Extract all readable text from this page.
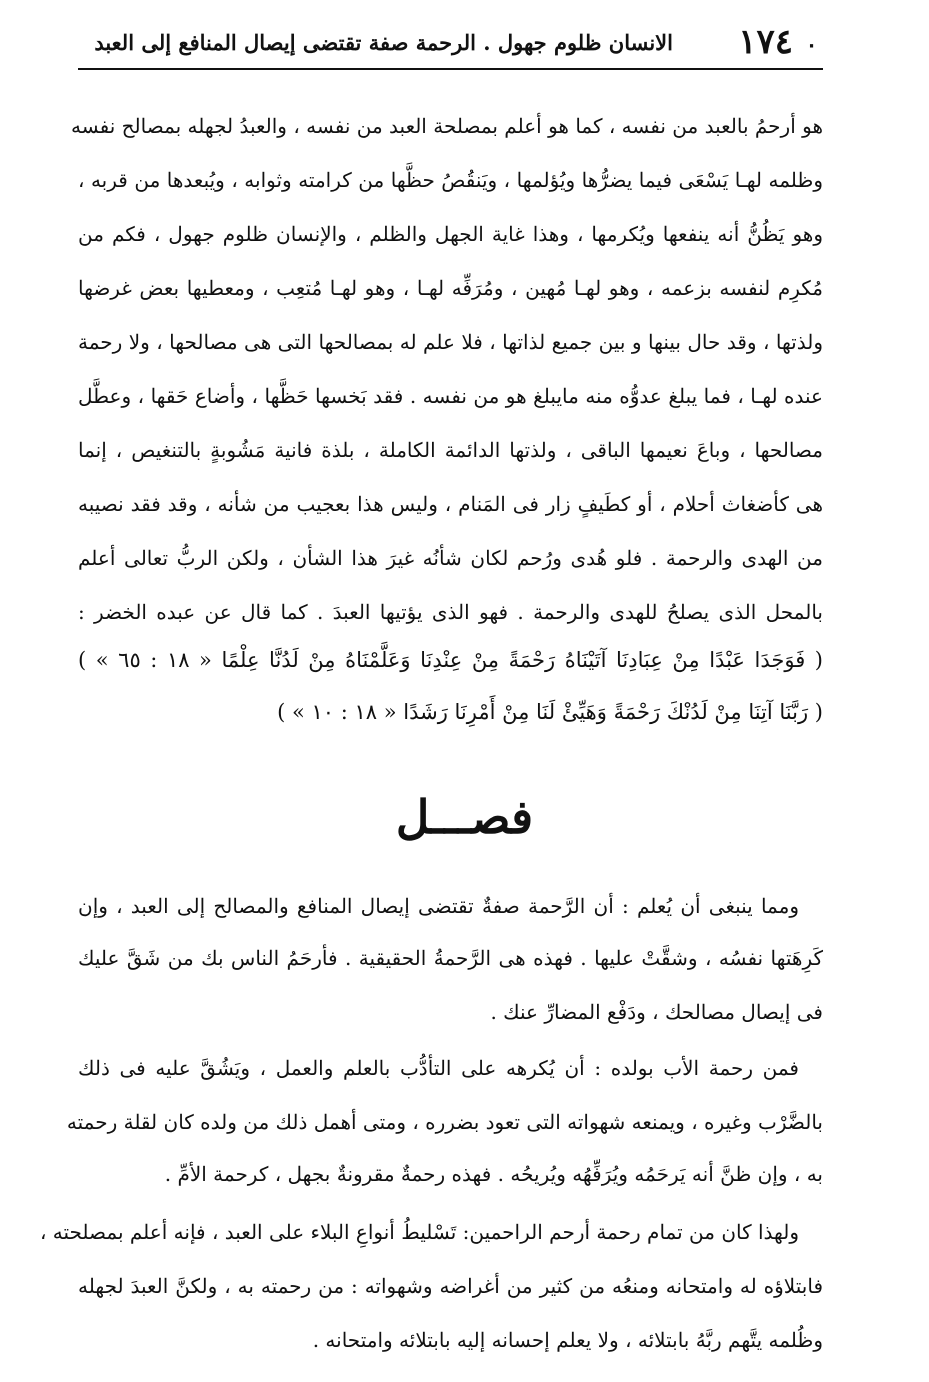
·
١٧٤
الانسان ظلوم جهول . الرحمة صفة تقتضى إيصال المنافع إلى العبد
هو أرحمُ بالعبد من نفسه ، كما هو أعلم بمصلحة العبد من نفسه ، والعبدُ لجهله بمصالح نفسه
وظلمه لهـا يَسْعَى فيما يضرُّها ويُؤلمها ، ويَنقُصُ حظَّها من كرامته وثوابه ، ويُبعدها من قربه ،
وهو يَظُنُّ أنه ينفعها ويُكرمها ، وهذا غاية الجهل والظلم ، والإنسان ظلوم جهول ، فكم من
مُكرِم لنفسه بزعمه ، وهو لهـا مُهين ، ومُرَفِّه لهـا ، وهو لهـا مُتعِب ، ومعطيها بعض غرضها
ولذتها ، وقد حال بينها و بين جميع لذاتها ، فلا علم له بمصالحها التى هى مصالحها ، ولا رحمة
عنده لهـا ، فما يبلغ عدوُّه منه مايبلغ هو من نفسه . فقد بَخسها حَظَّها ، وأضاع حَقها ، وعطَّل
مصالحها ، وباعَ نعيمها الباقى ، ولذتها الدائمة الكاملة ، بلذة فانية مَشُوبةٍ بالتنغيص ، إنما
هى كأضغاث أحلام ، أو كطَيفٍ زار فى المَنام ، وليس هذا بعجيب من شأنه ، وقد فقد نصيبه
من الهدى والرحمة . فلو هُدى ورُحم لكان شأنُه غيرَ هذا الشأن ، ولكن الربُّ تعالى أعلم
بالمحل الذى يصلحُ للهدى والرحمة . فهو الذى يؤتيها العبدَ . كما قال عن عبده الخضر :
( فَوَجَدَا عَبْدًا مِنْ عِبَادِنَا آتَيْنَاهُ رَحْمَةً مِنْ عِنْدِنَا وَعَلَّمْنَاهُ مِنْ لَدُنَّا عِلْمًا « ١٨ : ٦٥ » )
( رَبَّنَا آتِنَا مِنْ لَدُنْكَ رَحْمَةً وَهَيِّئْ لَنَا مِنْ أَمْرِنَا رَشَدًا « ١٨ : ١٠ » )
فصـــل
ومما ينبغى أن يُعلم : أن الرَّحمة صفةٌ تقتضى إيصال المنافع والمصالح إلى العبد ، وإن
كَرِهَتها نفسُه ، وشقَّتْ عليها . فهذه هى الرَّحمةُ الحقيقية . فأرحَمُ الناس بك من شَقَّ عليك
فى إيصال مصالحك ، ودَفْع المضارِّ عنك .
فمن رحمة الأب بولده : أن يُكرهه على التأدُّب بالعلم والعمل ، ويَشُقَّ عليه فى ذلك
بالضَّرْب وغيره ، ويمنعه شهواته التى تعود بضرره ، ومتى أهمل ذلك من ولده كان لقلة رحمته
به ، وإن ظنَّ أنه يَرحَمُه ويُرَفِّهُه ويُريحُه . فهذه رحمةٌ مقرونةٌ بجهل ، كرحمة الأمِّ .
ولهذا كان من تمام رحمة أرحم الراحمين: تَسْليطُ أنواعِ البلاء على العبد ، فإنه أعلم بمصلحته ،
فابتلاؤه له وامتحانه ومنعُه من كثير من أغراضه وشهواته : من رحمته به ، ولكنَّ العبدَ لجهله
وظُلمه يتَّهم ربَّهُ بابتلائه ، ولا يعلم إحسانه إليه بابتلائه وامتحانه .
